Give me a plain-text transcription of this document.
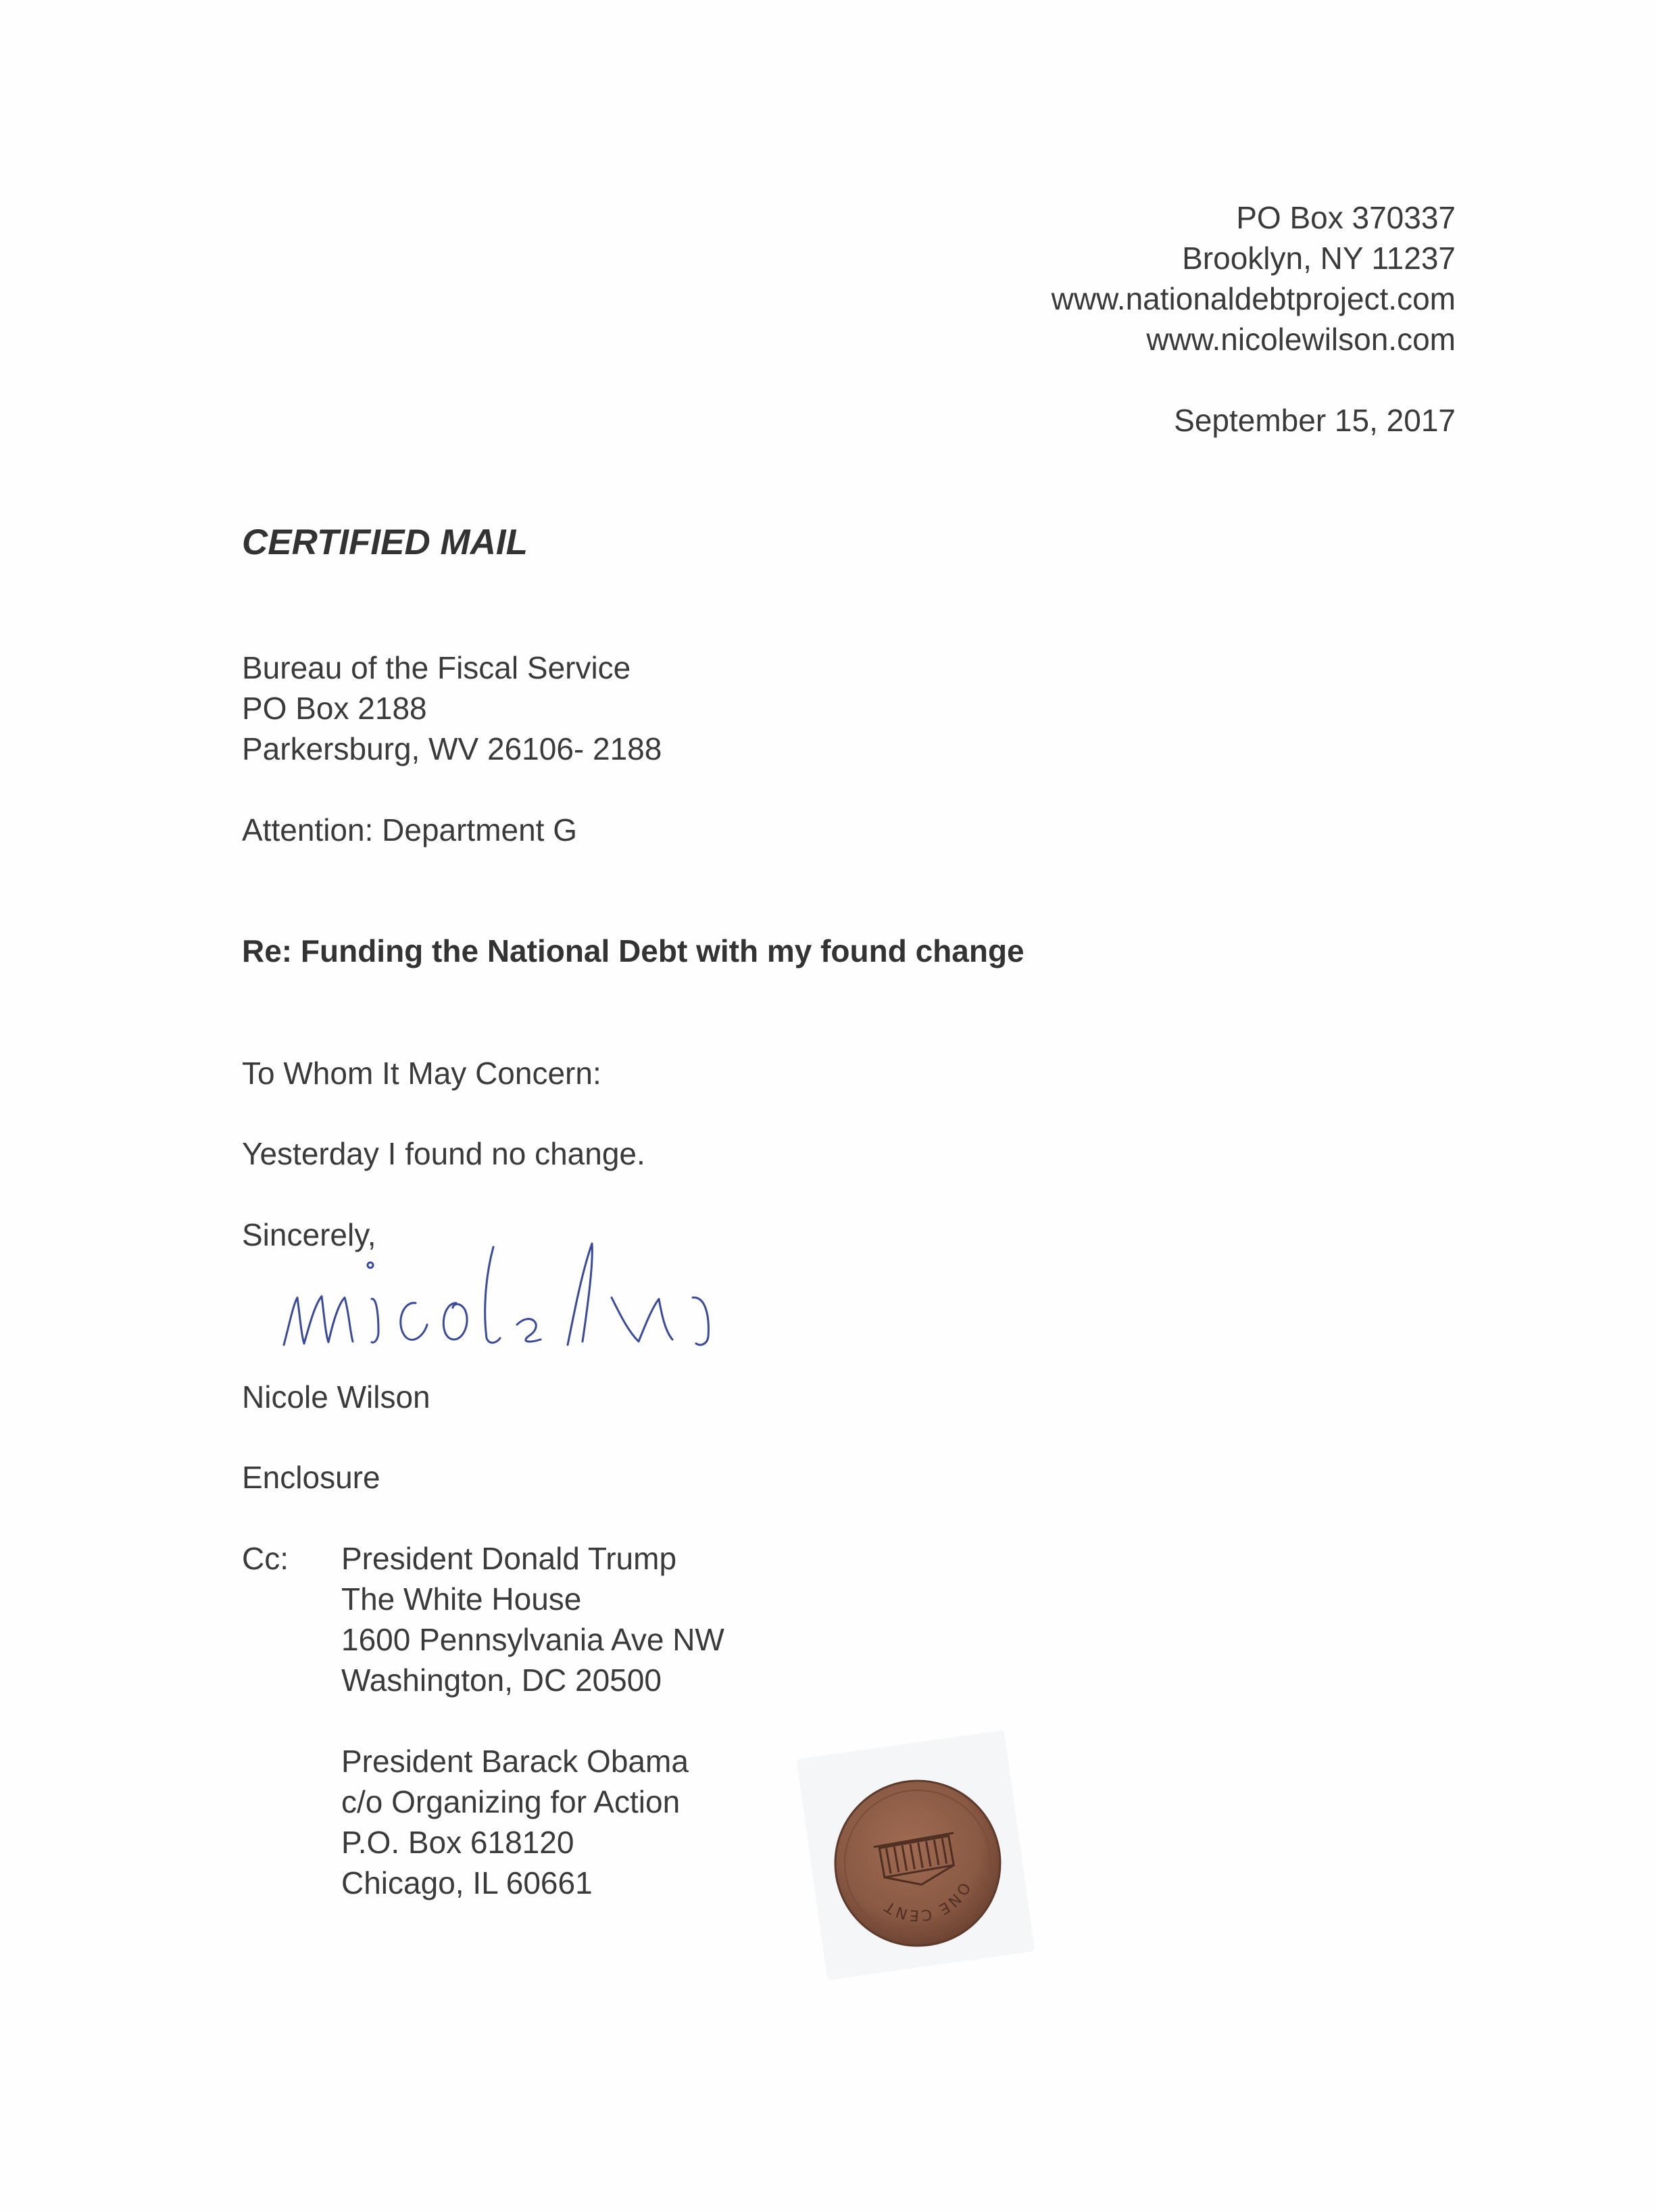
PO Box 370337
Brooklyn, NY 11237
www.nationaldebtproject.com
www.nicolewilson.com
September 15, 2017
CERTIFIED MAIL
Bureau of the Fiscal Service
PO Box 2188
Parkersburg, WV 26106- 2188
Attention: Department G
Re: Funding the National Debt with my found change
To Whom It May Concern:
Yesterday I found no change.
Sincerely,
Nicole Wilson
Enclosure
Cc: President Donald Trump
The White House
1600 Pennsylvania Ave NW
Washington, DC 20500
President Barack Obama
c/o Organizing for Action
P.O. Box 618120
Chicago, IL 60661	ONE CENT
